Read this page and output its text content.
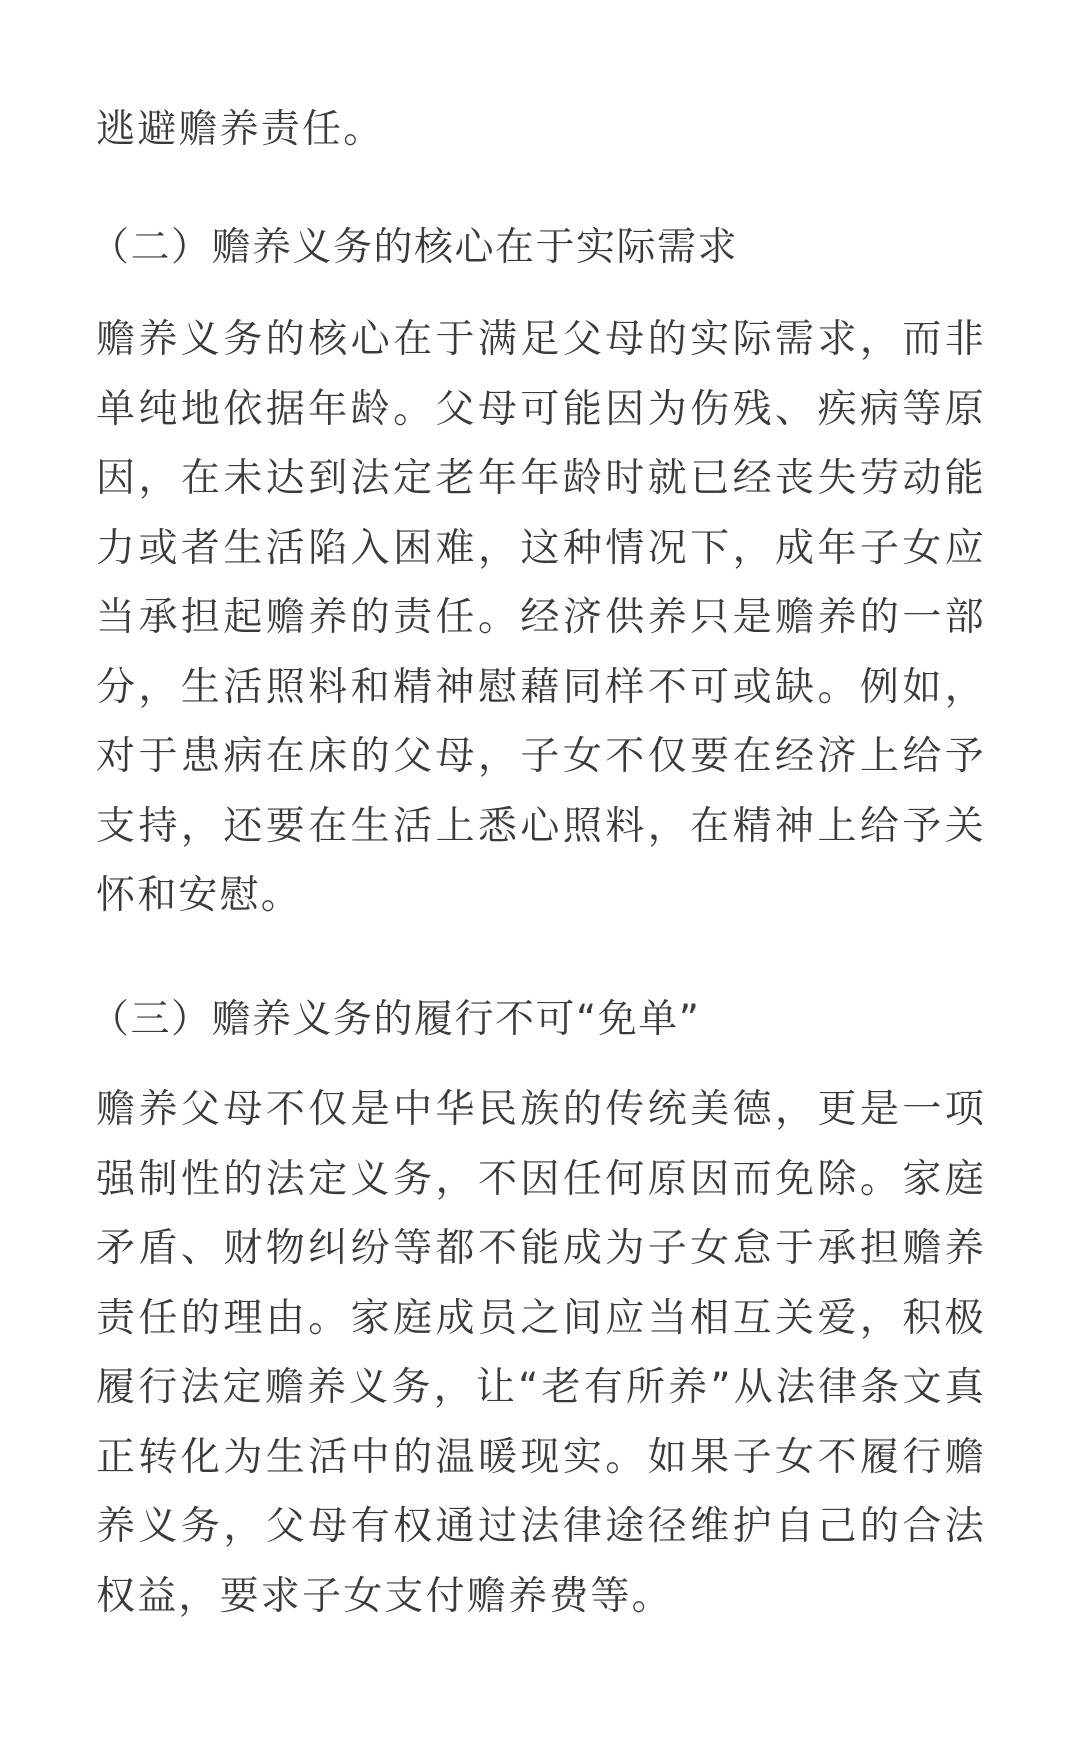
逃避赡养责任。

（二）赡养义务的核心在于实际需求

赡养义务的核心在于满足父母的实际需求，而非单纯地依据年龄。父母可能因为伤残、疾病等原因，在未达到法定老年年龄时就已经丧失劳动能力或者生活陷入困难，这种情况下，成年子女应当承担起赡养的责任。经济供养只是赡养的一部分，生活照料和精神慰藉同样不可或缺。例如，对于患病在床的父母，子女不仅要在经济上给予支持，还要在生活上悉心照料，在精神上给予关怀和安慰。

（三）赡养义务的履行不可“免单”

赡养父母不仅是中华民族的传统美德，更是一项强制性的法定义务，不因任何原因而免除。家庭矛盾、财物纠纷等都不能成为子女怠于承担赡养责任的理由。家庭成员之间应当相互关爱，积极履行法定赡养义务，让“老有所养”从法律条文真正转化为生活中的温暖现实。如果子女不履行赡养义务，父母有权通过法律途径维护自己的合法权益，要求子女支付赡养费等。
